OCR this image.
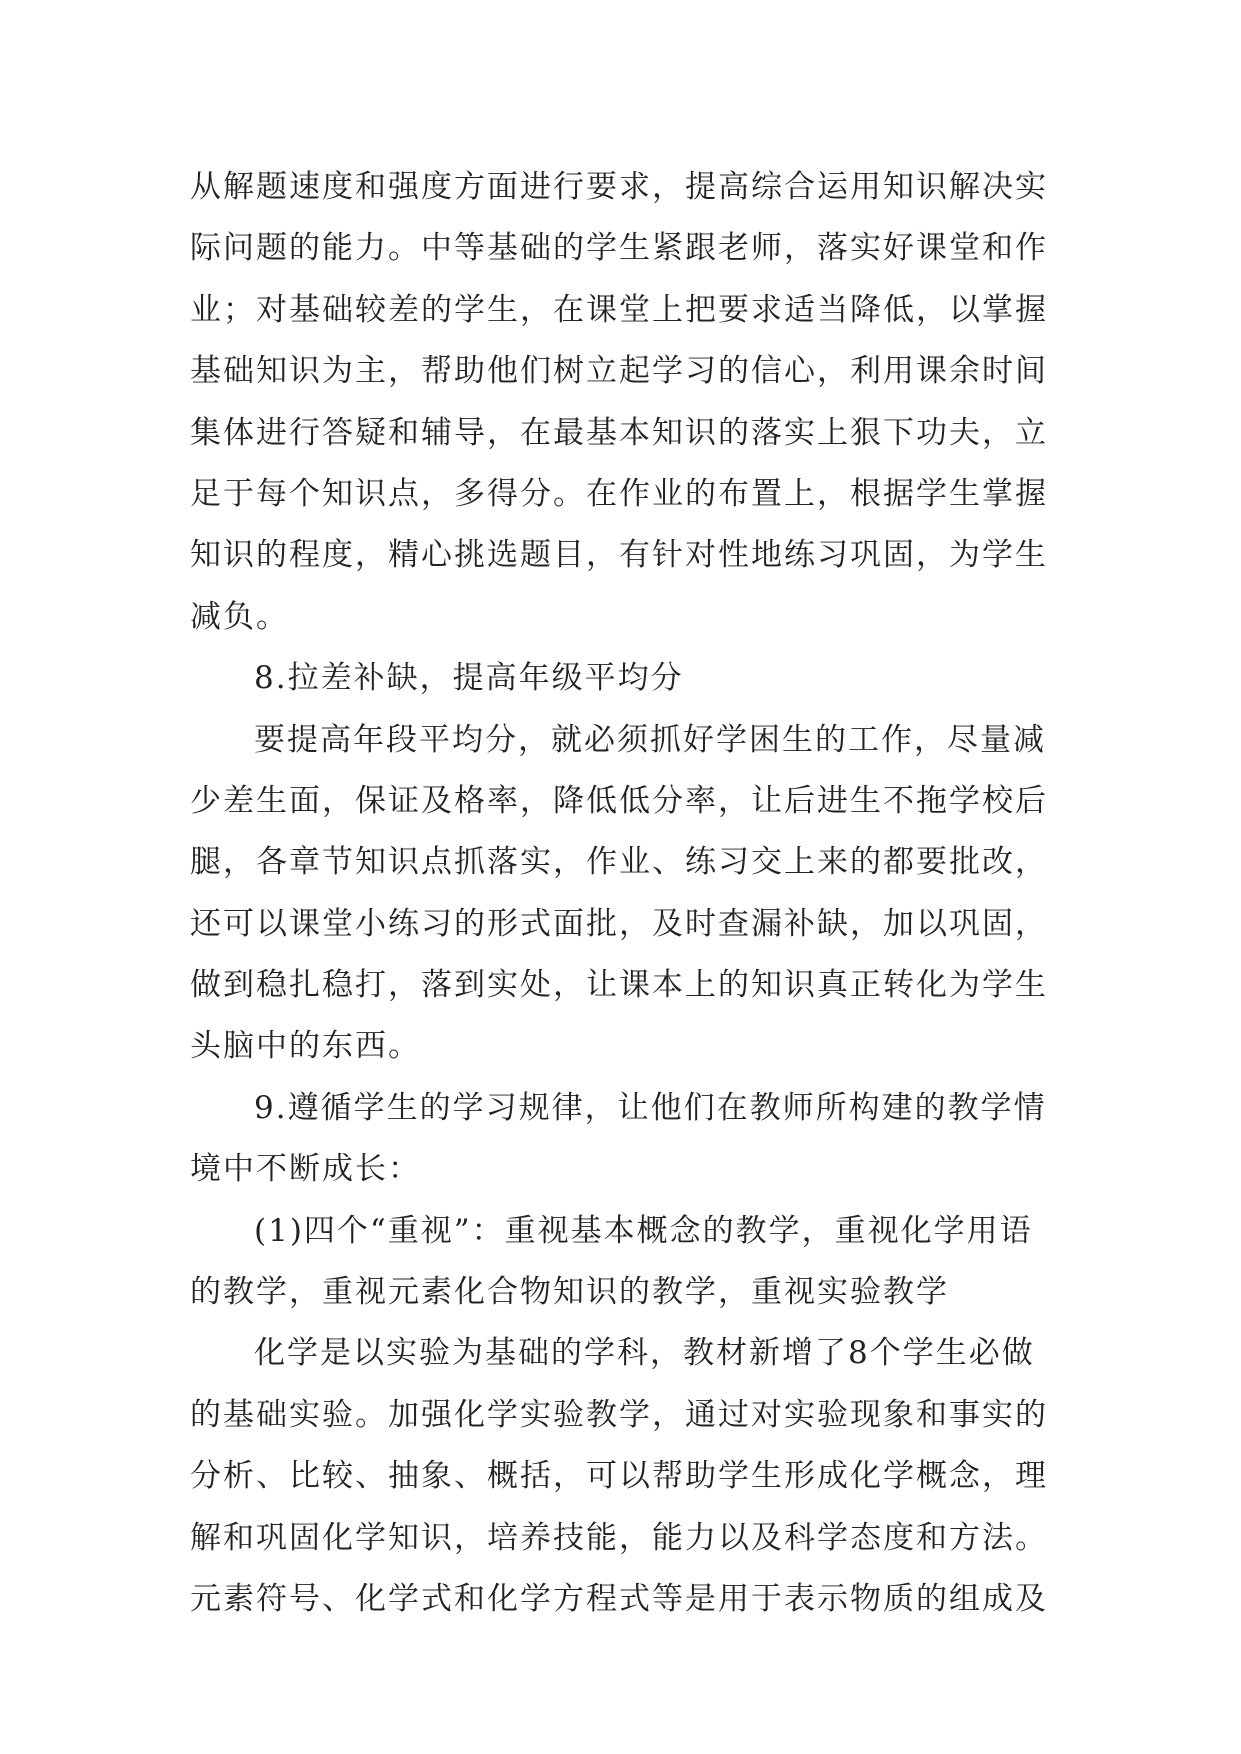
从解题速度和强度方面进行要求，提高综合运用知识解决实
际问题的能力。中等基础的学生紧跟老师，落实好课堂和作
业；对基础较差的学生，在课堂上把要求适当降低，以掌握
基础知识为主，帮助他们树立起学习的信心，利用课余时间
集体进行答疑和辅导，在最基本知识的落实上狠下功夫，立
足于每个知识点，多得分。在作业的布置上，根据学生掌握
知识的程度，精心挑选题目，有针对性地练习巩固，为学生
减负。
8.拉差补缺，提高年级平均分
要提高年段平均分，就必须抓好学困生的工作，尽量减
少差生面，保证及格率，降低低分率，让后进生不拖学校后
腿，各章节知识点抓落实，作业、练习交上来的都要批改，
还可以课堂小练习的形式面批，及时查漏补缺，加以巩固，
做到稳扎稳打，落到实处，让课本上的知识真正转化为学生
头脑中的东西。
9.遵循学生的学习规律，让他们在教师所构建的教学情
境中不断成长：
(1)四个“重视”：重视基本概念的教学，重视化学用语
的教学，重视元素化合物知识的教学，重视实验教学
化学是以实验为基础的学科，教材新增了8个学生必做
的基础实验。加强化学实验教学，通过对实验现象和事实的
分析、比较、抽象、概括，可以帮助学生形成化学概念，理
解和巩固化学知识，培养技能，能力以及科学态度和方法。
元素符号、化学式和化学方程式等是用于表示物质的组成及
